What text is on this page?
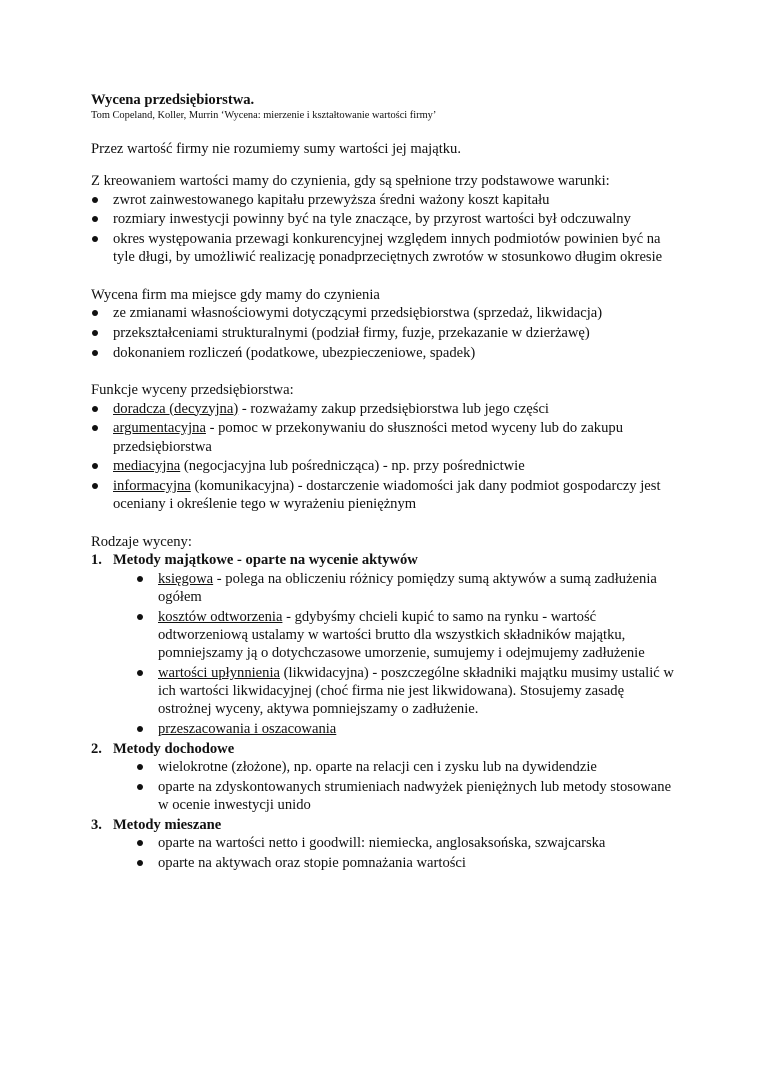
Wycena przedsiębiorstwa.
Tom Copeland, Koller, Murrin ‘Wycena: mierzenie i kształtowanie wartości firmy’

Przez wartość firmy nie rozumiemy sumy wartości jej majątku.

Z kreowaniem wartości mamy do czynienia, gdy są spełnione trzy podstawowe warunki:

zwrot zainwestowanego kapitału przewyższa średni ważony koszt kapitału
rozmiary inwestycji powinny być na tyle znaczące, by przyrost wartości był odczuwalny
okres występowania przewagi konkurencyjnej względem innych podmiotów powinien być na tyle długi, by umożliwić realizację ponadprzeciętnych zwrotów w stosunkowo długim okresie

Wycena firm ma miejsce gdy mamy do czynienia

ze zmianami własnościowymi dotyczącymi przedsiębiorstwa (sprzedaż, likwidacja)
przekształceniami strukturalnymi (podział firmy, fuzje, przekazanie w dzierżawę)
dokonaniem rozliczeń (podatkowe, ubezpieczeniowe, spadek)

Funkcje wyceny przedsiębiorstwa:

doradcza (decyzyjna) - rozważamy zakup przedsiębiorstwa lub jego części
argumentacyjna - pomoc w przekonywaniu do słuszności metod wyceny lub do zakupu przedsiębiorstwa
mediacyjna (negocjacyjna lub pośrednicząca) - np. przy pośrednictwie
informacyjna (komunikacyjna) - dostarczenie wiadomości jak dany podmiot gospodarczy jest oceniany i określenie tego w wyrażeniu pieniężnym

Rodzaje wyceny:

1. Metody majątkowe - oparte na wycenie aktywów
księgowa - polega na obliczeniu różnicy pomiędzy sumą aktywów a sumą zadłużenia ogółem
kosztów odtworzenia - gdybyśmy chcieli kupić to samo na rynku - wartość odtworzeniową ustalamy w wartości brutto dla wszystkich składników majątku, pomniejszamy ją o dotychczasowe umorzenie, sumujemy i odejmujemy zadłużenie
wartości upłynnienia (likwidacyjna) - poszczególne składniki majątku musimy ustalić w ich wartości likwidacyjnej (choć firma nie jest likwidowana). Stosujemy zasadę ostrożnej wyceny, aktywa pomniejszamy o zadłużenie.
przeszacowania i oszacowania
2. Metody dochodowe
wielokrotne (złożone), np. oparte na relacji cen i zysku lub na dywidendzie
oparte na zdyskontowanych strumieniach nadwyżek pieniężnych lub metody stosowane w ocenie inwestycji unido
3. Metody mieszane
oparte na wartości netto i goodwill: niemiecka, anglosaksońska, szwajcarska
oparte na aktywach oraz stopie pomnażania wartości
